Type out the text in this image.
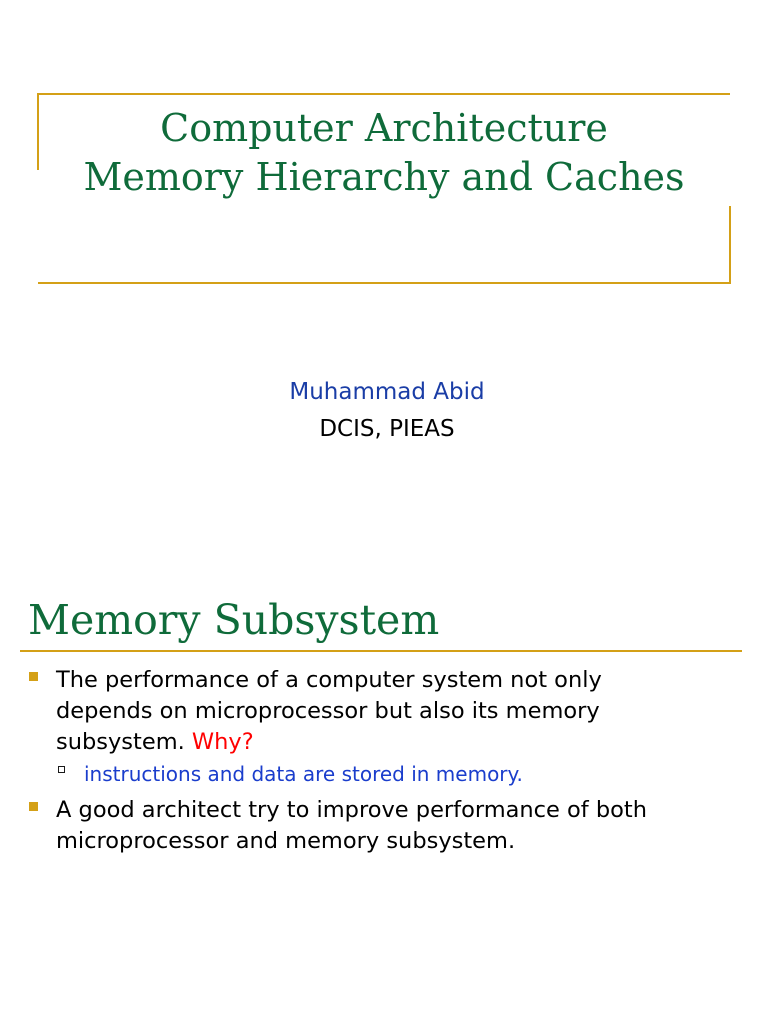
Computer Architecture
Memory Hierarchy and Caches
Muhammad Abid
DCIS, PIEAS
Memory Subsystem
The performance of a computer system not only
depends on microprocessor but also its memory
subsystem. Why?
instructions and data are stored in memory.
A good architect try to improve performance of both
microprocessor and memory subsystem.
